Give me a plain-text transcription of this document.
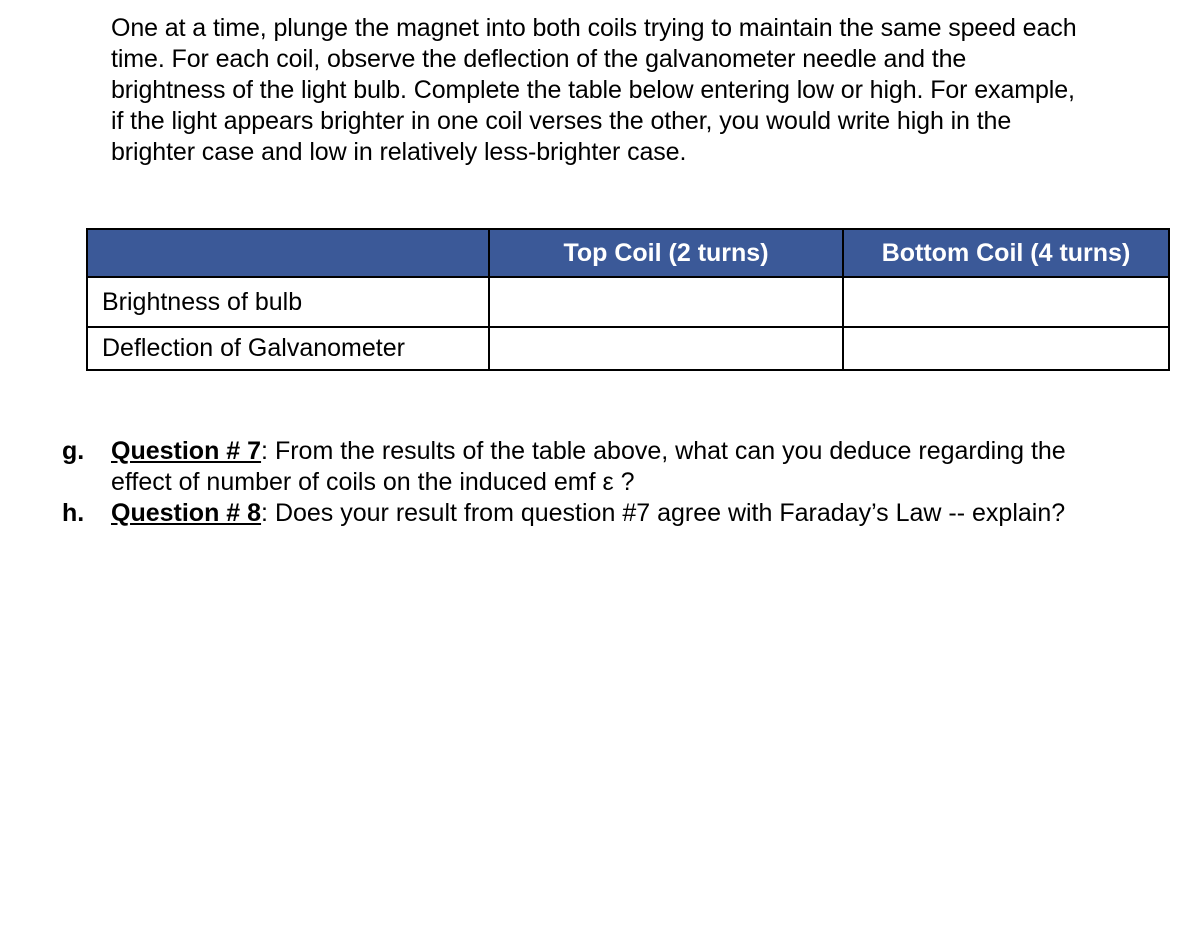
One at a time, plunge the magnet into both coils trying to maintain the same speed each
time. For each coil, observe the deflection of the galvanometer needle and the
brightness of the light bulb. Complete the table below entering low or high. For example,
if the light appears brighter in one coil verses the other, you would write high in the
brighter case and low in relatively less-brighter case.

	Top Coil (2 turns)	Bottom Coil (4 turns)
Brightness of bulb		
Deflection of Galvanometer		
g. Question # 7: From the results of the table above, what can you deduce regarding the
effect of number of coils on the induced emf ε ?
h. Question # 8: Does your result from question #7 agree with Faraday’s Law -- explain?
